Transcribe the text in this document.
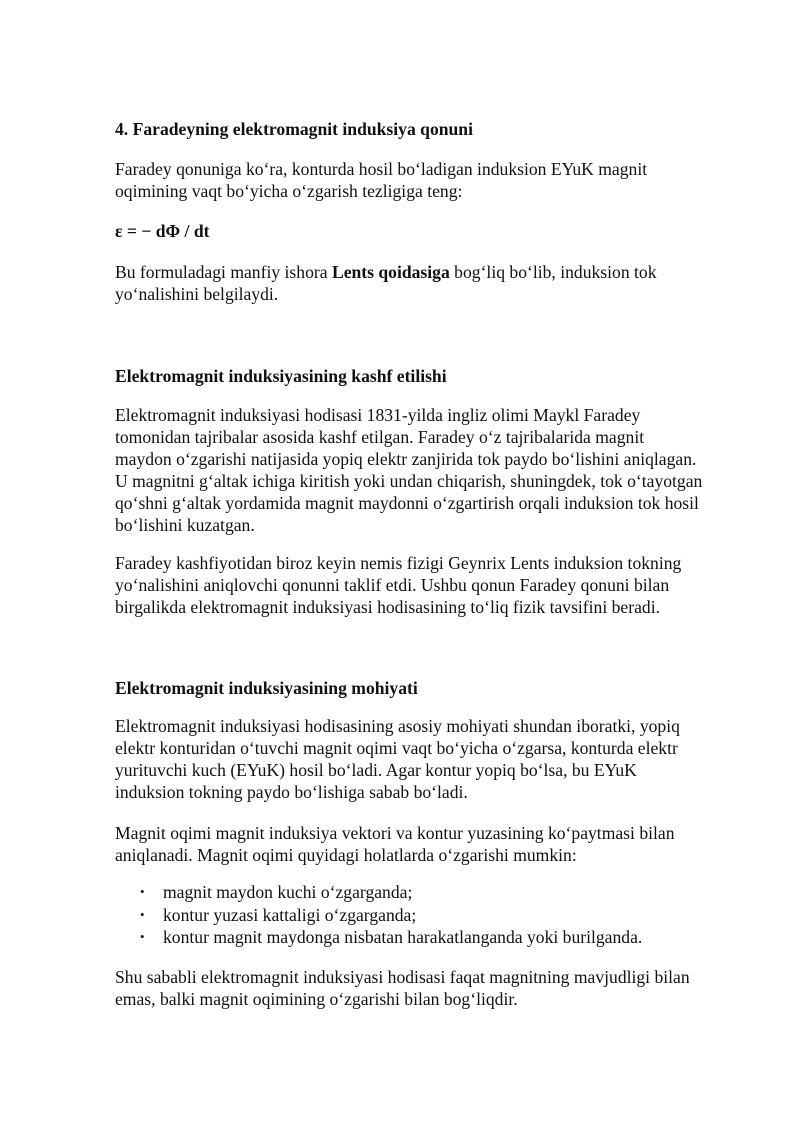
4. Faradeyning elektromagnit induksiya qonuni

Faradey qonuniga ko‘ra, konturda hosil bo‘ladigan induksion EYuK magnit
oqimining vaqt bo‘yicha o‘zgarish tezligiga teng:

ε = − dΦ / dt

Bu formuladagi manfiy ishora Lents qoidasiga bog‘liq bo‘lib, induksion tok
yo‘nalishini belgilaydi.

Elektromagnit induksiyasining kashf etilishi

Elektromagnit induksiyasi hodisasi 1831-yilda ingliz olimi Maykl Faradey
tomonidan tajribalar asosida kashf etilgan. Faradey o‘z tajribalarida magnit
maydon o‘zgarishi natijasida yopiq elektr zanjirida tok paydo bo‘lishini aniqlagan.
U magnitni g‘altak ichiga kiritish yoki undan chiqarish, shuningdek, tok o‘tayotgan
qo‘shni g‘altak yordamida magnit maydonni o‘zgartirish orqali induksion tok hosil
bo‘lishini kuzatgan.

Faradey kashfiyotidan biroz keyin nemis fizigi Geynrix Lents induksion tokning
yo‘nalishini aniqlovchi qonunni taklif etdi. Ushbu qonun Faradey qonuni bilan
birgalikda elektromagnit induksiyasi hodisasining to‘liq fizik tavsifini beradi.

Elektromagnit induksiyasining mohiyati

Elektromagnit induksiyasi hodisasining asosiy mohiyati shundan iboratki, yopiq
elektr konturidan o‘tuvchi magnit oqimi vaqt bo‘yicha o‘zgarsa, konturda elektr
yurituvchi kuch (EYuK) hosil bo‘ladi. Agar kontur yopiq bo‘lsa, bu EYuK
induksion tokning paydo bo‘lishiga sabab bo‘ladi.

Magnit oqimi magnit induksiya vektori va kontur yuzasining ko‘paytmasi bilan
aniqlanadi. Magnit oqimi quyidagi holatlarda o‘zgarishi mumkin:

• magnit maydon kuchi o‘zgarganda;
• kontur yuzasi kattaligi o‘zgarganda;
• kontur magnit maydonga nisbatan harakatlanganda yoki burilganda.

Shu sababli elektromagnit induksiyasi hodisasi faqat magnitning mavjudligi bilan
emas, balki magnit oqimining o‘zgarishi bilan bog‘liqdir.
